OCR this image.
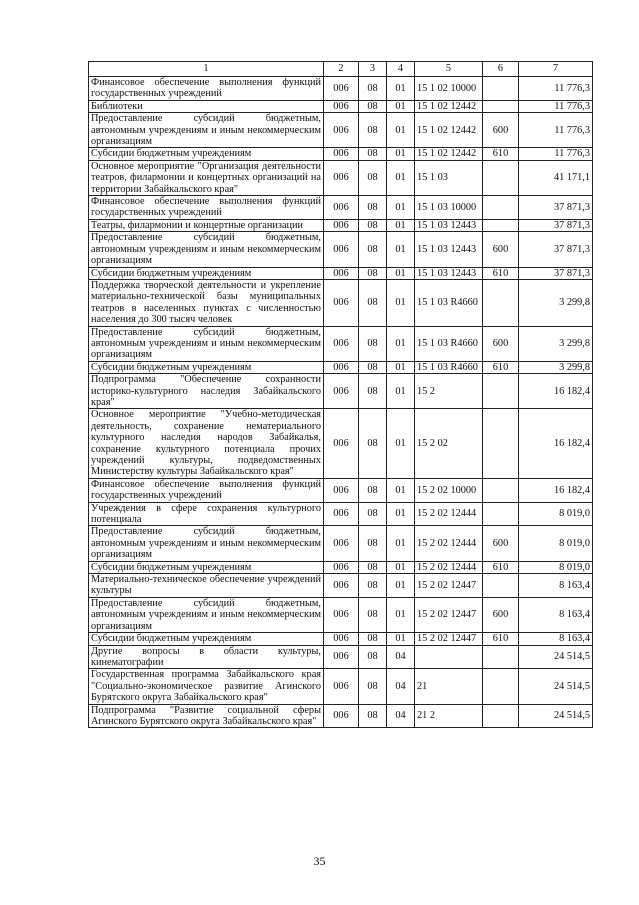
1	2	3	4	5	6	7
Финансовое обеспечение выполнения функций государственных учреждений	006	08	01	15 1 02 10000		11 776,3
Библиотеки	006	08	01	15 1 02 12442		11 776,3
Предоставление субсидий бюджетным, автономным учреждениям и иным некоммерческим организациям	006	08	01	15 1 02 12442	600	11 776,3
Субсидии бюджетным учреждениям	006	08	01	15 1 02 12442	610	11 776,3
Основное мероприятие "Организация деятельности театров, филармонии и концертных организаций на территории Забайкальского края"	006	08	01	15 1 03		41 171,1
Финансовое обеспечение выполнения функций государственных учреждений	006	08	01	15 1 03 10000		37 871,3
Театры, филармонии и концертные организации	006	08	01	15 1 03 12443		37 871,3
Предоставление субсидий бюджетным, автономным учреждениям и иным некоммерческим организациям	006	08	01	15 1 03 12443	600	37 871,3
Субсидии бюджетным учреждениям	006	08	01	15 1 03 12443	610	37 871,3
Поддержка творческой деятельности и укрепление материально-технической базы муниципальных театров в населенных пунктах с численностью населения до 300 тысяч человек	006	08	01	15 1 03 R4660		3 299,8
Предоставление субсидий бюджетным, автономным учреждениям и иным некоммерческим организациям	006	08	01	15 1 03 R4660	600	3 299,8
Субсидии бюджетным учреждениям	006	08	01	15 1 03 R4660	610	3 299,8
Подпрограмма "Обеспечение сохранности историко-культурного наследия Забайкальского края"	006	08	01	15 2		16 182,4
Основное мероприятие "Учебно-методическая деятельность, сохранение нематериального культурного наследия народов Забайкалья, сохранение культурного потенциала прочих учреждений культуры, подведомственных Министерству культуры Забайкальского края"	006	08	01	15 2 02		16 182,4
Финансовое обеспечение выполнения функций государственных учреждений	006	08	01	15 2 02 10000		16 182,4
Учреждения в сфере сохранения культурного потенциала	006	08	01	15 2 02 12444		8 019,0
Предоставление субсидий бюджетным, автономным учреждениям и иным некоммерческим организациям	006	08	01	15 2 02 12444	600	8 019,0
Субсидии бюджетным учреждениям	006	08	01	15 2 02 12444	610	8 019,0
Материально-техническое обеспечение учреждений культуры	006	08	01	15 2 02 12447		8 163,4
Предоставление субсидий бюджетным, автономным учреждениям и иным некоммерческим организациям	006	08	01	15 2 02 12447	600	8 163,4
Субсидии бюджетным учреждениям	006	08	01	15 2 02 12447	610	8 163,4
Другие вопросы в области культуры, кинематографии	006	08	04			24 514,5
Государственная программа Забайкальского края "Социально-экономическое развитие Агинского Бурятского округа Забайкальского края"	006	08	04	21		24 514,5
Подпрограмма "Развитие социальной сферы Агинского Бурятского округа Забайкальского края"	006	08	04	21 2		24 514,5
35
